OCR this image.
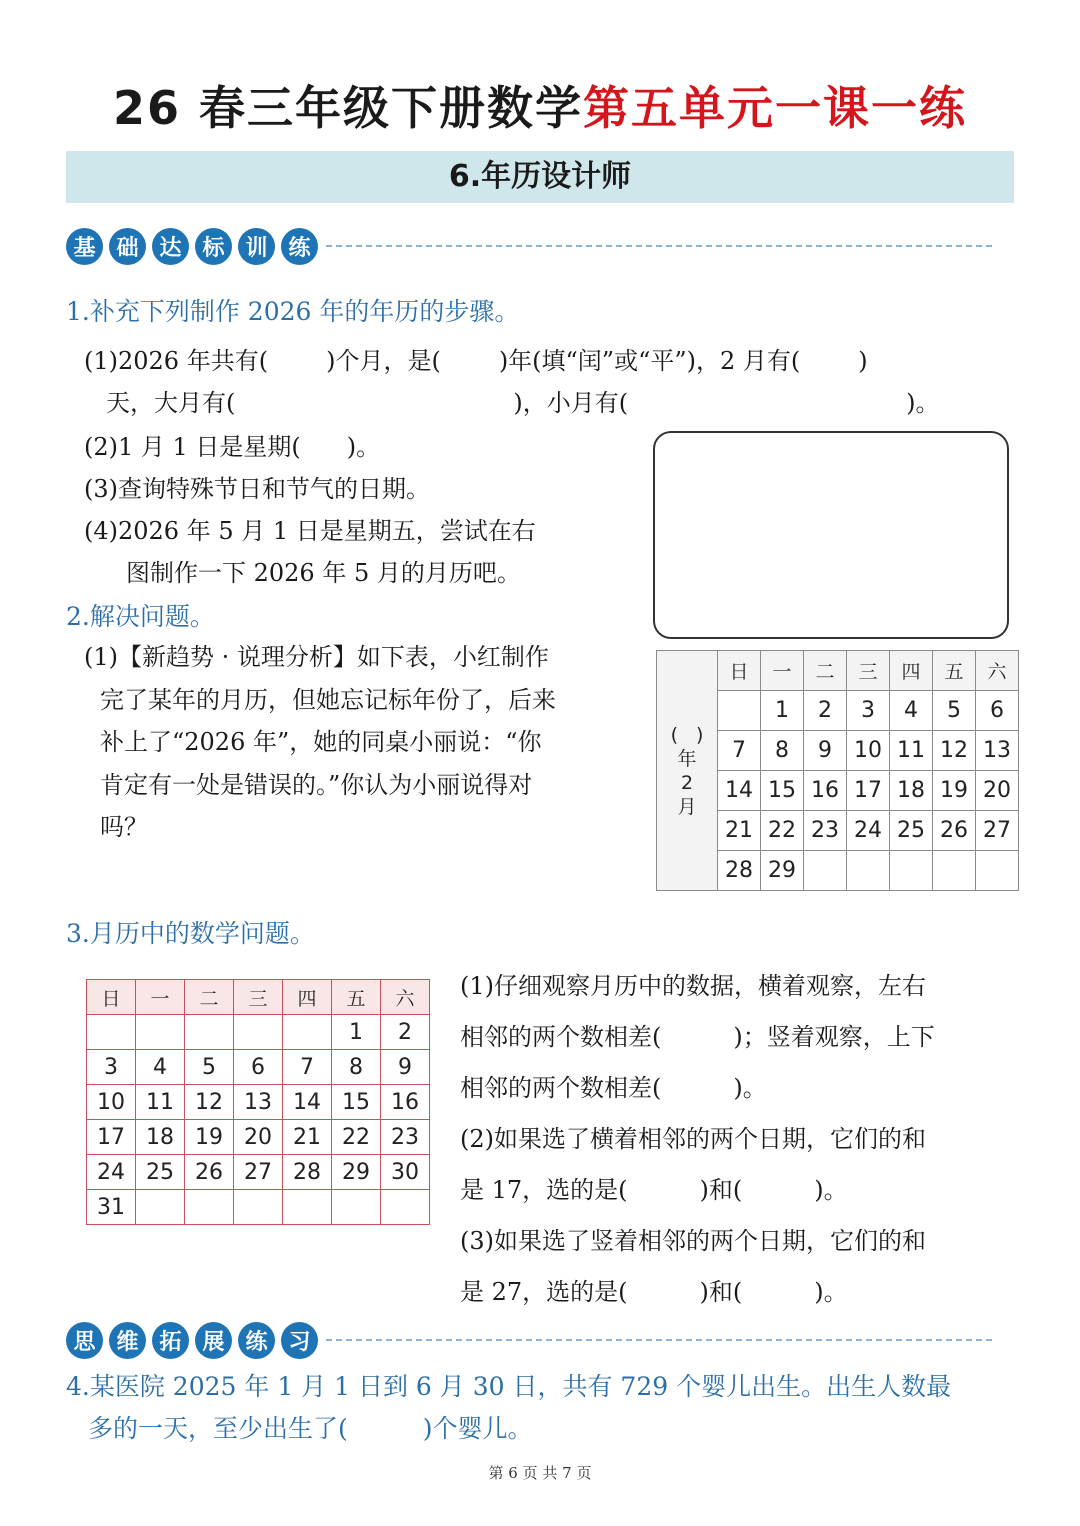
26 春三年级下册数学第五单元一课一练
6.年历设计师
基 础 达 标 训 练
1.补充下列制作 2026 年的年历的步骤。
(1)2026 年共有( )个月，是( )年(填“闰”或“平”)，2 月有( )
天，大月有(	)，小月有(	)。
(2)1 月 1 日是星期( )。
(3)查询特殊节日和节气的日期。
(4)2026 年 5 月 1 日是星期五，尝试在右
图制作一下 2026 年 5 月的月历吧。
2.解决问题。
(1)【新趋势 · 说理分析】如下表，小红制作
完了某年的月历，但她忘记标年份了，后来
补上了“2026 年”，她的同桌小丽说：“你
肯定有一处是错误的。”你认为小丽说得对
吗？
( )
年
2
月	日	一	二	三	四	五	六
		1	2	3	4	5	6
	7	8	9	10	11	12	13
	14	15	16	17	18	19	20
	21	22	23	24	25	26	27
	28	29					
3.月历中的数学问题。
日	一	二	三	四	五	六
					1	2
3	4	5	6	7	8	9
10	11	12	13	14	15	16
17	18	19	20	21	22	23
24	25	26	27	28	29	30
31						
(1)仔细观察月历中的数据，横着观察，左右
相邻的两个数相差(　　　)；竖着观察，上下
相邻的两个数相差(　　　)。
(2)如果选了横着相邻的两个日期，它们的和
是 17，选的是(　　　)和(　　　)。
(3)如果选了竖着相邻的两个日期，它们的和
是 27，选的是(　　　)和(　　　)。
思 维 拓 展 练 习
4.某医院 2025 年 1 月 1 日到 6 月 30 日，共有 729 个婴儿出生。出生人数最
多的一天，至少出生了(　　　)个婴儿。
第 6 页 共 7 页
